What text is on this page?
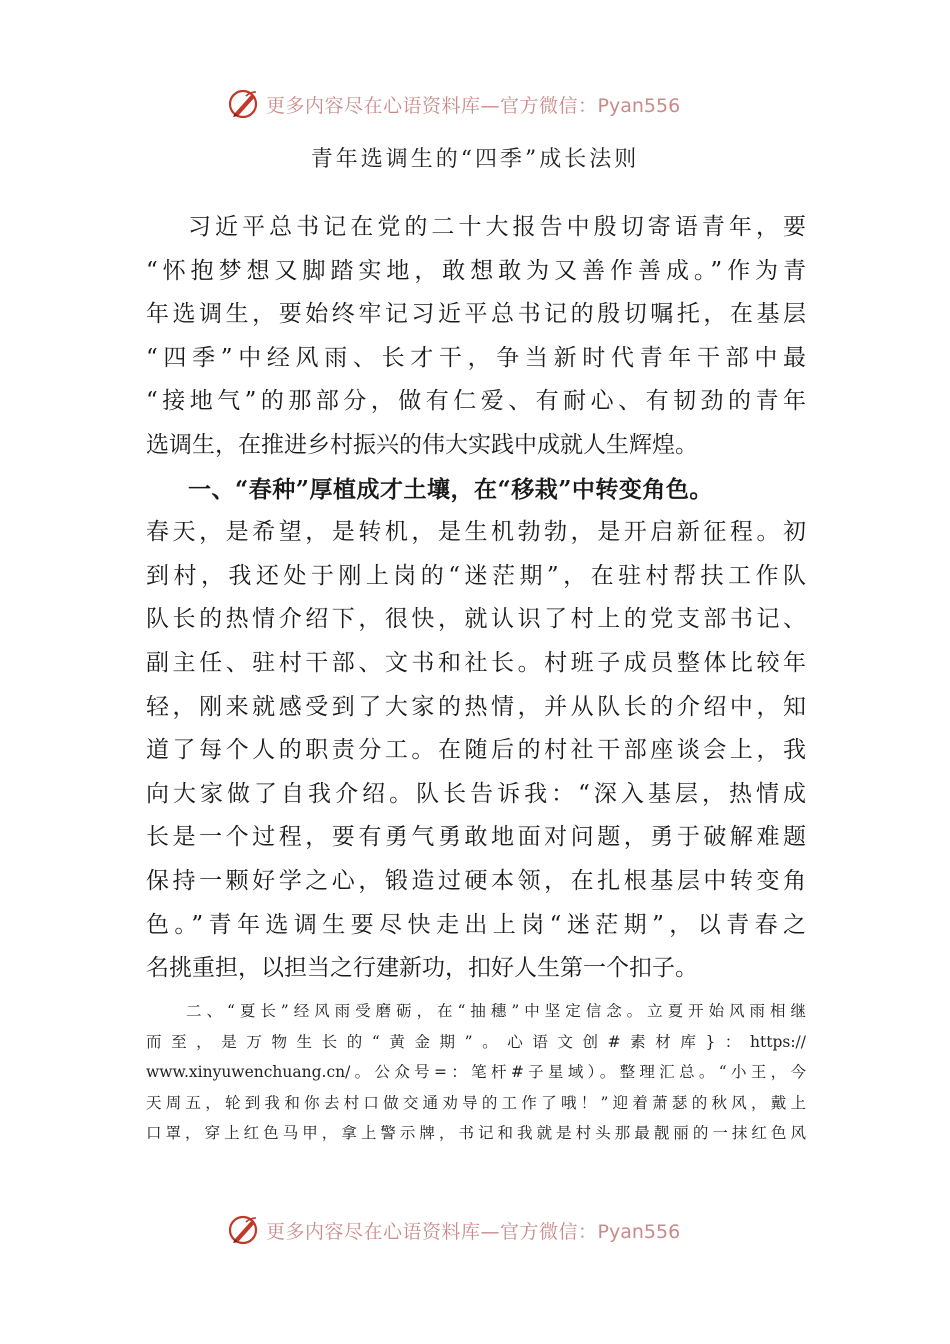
更多内容尽在心语资料库—官方微信：Pyan556
青年选调生的“四季”成长法则
习近平总书记在党的二十大报告中殷切寄语青年，要
“怀抱梦想又脚踏实地，敢想敢为又善作善成。”作为青
年选调生，要始终牢记习近平总书记的殷切嘱托，在基层
“四季”中经风雨、长才干，争当新时代青年干部中最
“接地气”的那部分，做有仁爱、有耐心、有韧劲的青年
选调生，在推进乡村振兴的伟大实践中成就人生辉煌。
一、“春种”厚植成才土壤，在“移栽”中转变角色。
春天，是希望，是转机，是生机勃勃，是开启新征程。初
到村，我还处于刚上岗的“迷茫期”，在驻村帮扶工作队
队长的热情介绍下，很快，就认识了村上的党支部书记、
副主任、驻村干部、文书和社长。村班子成员整体比较年
轻，刚来就感受到了大家的热情，并从队长的介绍中，知
道了每个人的职责分工。在随后的村社干部座谈会上，我
向大家做了自我介绍。队长告诉我：“深入基层，热情成
长是一个过程，要有勇气勇敢地面对问题，勇于破解难题
保持一颗好学之心，锻造过硬本领，在扎根基层中转变角
色。”青年选调生要尽快走出上岗“迷茫期”，以青春之
名挑重担，以担当之行建新功，扣好人生第一个扣子。
二、“夏长”经风雨受磨砺，在“抽穗”中坚定信念。立夏开始风雨相继
而至，是万物生长的“黄金期”。心语文创#素材库}：https://
www.xinyuwenchuang.cn/。公众号=：笔杆#子星域）。整理汇总。“小王，今
天周五，轮到我和你去村口做交通劝导的工作了哦！”迎着萧瑟的秋风，戴上
口罩，穿上红色马甲，拿上警示牌，书记和我就是村头那最靓丽的一抹红色风
更多内容尽在心语资料库—官方微信：Pyan556
